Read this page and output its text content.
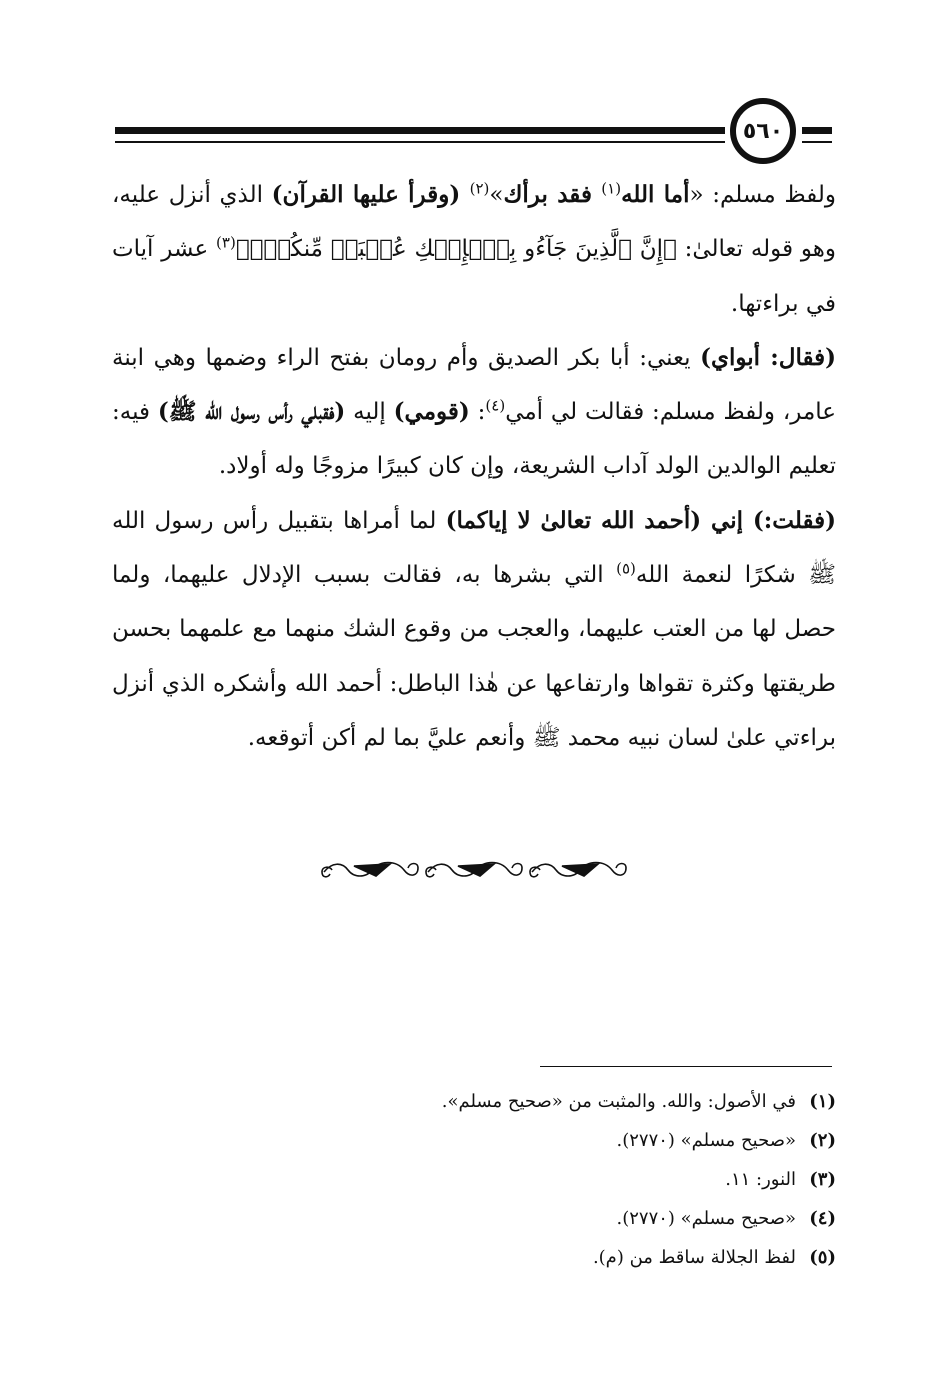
٥٦٠

ولفظ مسلم: «أما الله$^{(١)}$ فقد برأك»$^{(٢)}$ (وقرأ عليها القرآن) الذي أنزل عليه، وهو قوله تعالىٰ: ﴿إِنَّ ٱلَّذِينَ جَآءُو بِٱلۡإِفۡكِ عُصۡبَةٞ مِّنكُمۡۚ﴾$^{(٣)}$ عشر آيات في براءتها.

(فقال: أبواي) يعني: أبا بكر الصديق وأم رومان بفتح الراء وضمها وهي ابنة عامر، ولفظ مسلم: فقالت لي أمي$^{(٤)}$: (قومي) إليه (فقبلي رأس رسول الله ﷺ) فيه: تعليم الوالدين الولد آداب الشريعة، وإن كان كبيرًا مزوجًا وله أولاد.

(فقلت:) إني (أحمد الله تعالىٰ لا إياكما) لما أمراها بتقبيل رأس رسول الله ﷺ شكرًا لنعمة الله$^{(٥)}$ التي بشرها به، فقالت بسبب الإدلال عليهما، ولما حصل لها من العتب عليهما، والعجب من وقوع الشك منهما مع علمهما بحسن طريقتها وكثرة تقواها وارتفاعها عن هٰذا الباطل: أحمد الله وأشكره الذي أنزل براءتي علىٰ لسان نبيه محمد ﷺ وأنعم عليَّ بما لم أكن أتوقعه.

(١)
في الأصول: والله. والمثبت من «صحيح مسلم».
(٢)
«صحيح مسلم» (٢٧٧٠).
(٣)
النور: ١١.
(٤)
«صحيح مسلم» (٢٧٧٠).
(٥)
لفظ الجلالة ساقط من (م).
